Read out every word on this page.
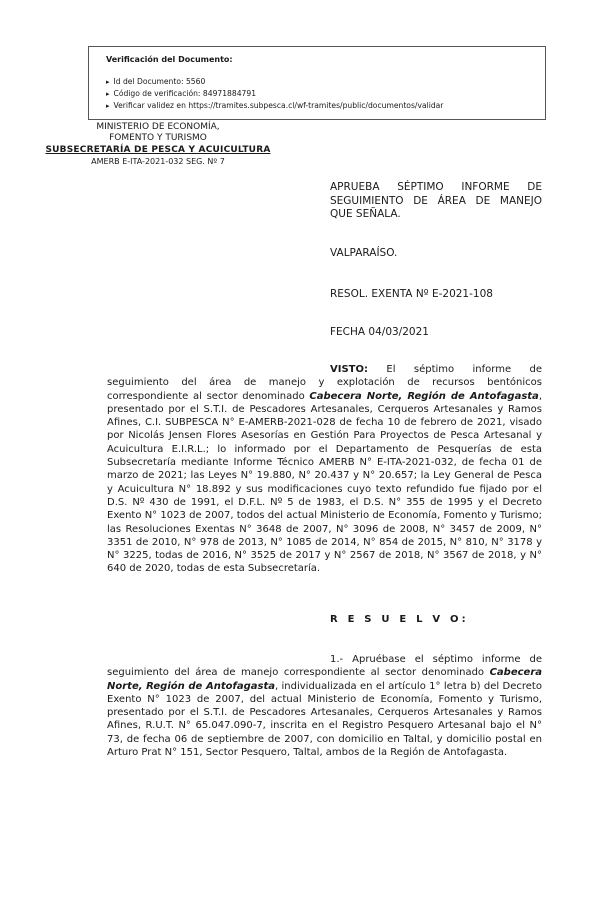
Verificación del Documento:
▸ Id del Documento: 5560
▸ Código de verificación: 84971884791
▸ Verificar validez en https://tramites.subpesca.cl/wf-tramites/public/documentos/validar
MINISTERIO DE ECONOMÍA,
FOMENTO Y TURISMO
SUBSECRETARÍA DE PESCA Y ACUICULTURA
AMERB E-ITA-2021-032 SEG. Nº 7
APRUEBA SÉPTIMO INFORME DE SEGUIMIENTO DE ÁREA DE MANEJO QUE SEÑALA.
VALPARAÍSO.
RESOL. EXENTA Nº E-2021-108
FECHA 04/03/2021

VISTO: El séptimo informe de seguimiento del área de manejo y explotación de recursos bentónicos correspondiente al sector denominado Cabecera Norte, Región de Antofagasta, presentado por el S.T.I. de Pescadores Artesanales, Cerqueros Artesanales y Ramos Afines, C.I. SUBPESCA N° E-AMERB-2021-028 de fecha 10 de febrero de 2021, visado por Nicolás Jensen Flores Asesorías en Gestión Para Proyectos de Pesca Artesanal y Acuicultura E.I.R.L.; lo informado por el Departamento de Pesquerías de esta Subsecretaría mediante Informe Técnico AMERB N° E-ITA-2021-032, de fecha 01 de marzo de 2021; las Leyes N° 19.880, N° 20.437 y N° 20.657; la Ley General de Pesca y Acuicultura N° 18.892 y sus modificaciones cuyo texto refundido fue fijado por el D.S. Nº 430 de 1991, el D.F.L. Nº 5 de 1983, el D.S. N° 355 de 1995 y el Decreto Exento N° 1023 de 2007, todos del actual Ministerio de Economía, Fomento y Turismo; las Resoluciones Exentas N° 3648 de 2007, N° 3096 de 2008, N° 3457 de 2009, N° 3351 de 2010, N° 978 de 2013, N° 1085 de 2014, N° 854 de 2015, N° 810, N° 3178 y N° 3225, todas de 2016, N° 3525 de 2017 y N° 2567 de 2018, N° 3567 de 2018, y N° 640 de 2020, todas de esta Subsecretaría.

R E S U E L V O:

1.- Apruébase el séptimo informe de seguimiento del área de manejo correspondiente al sector denominado Cabecera Norte, Región de Antofagasta, individualizada en el artículo 1° letra b) del Decreto Exento N° 1023 de 2007, del actual Ministerio de Economía, Fomento y Turismo, presentado por el S.T.I. de Pescadores Artesanales, Cerqueros Artesanales y Ramos Afines, R.U.T. N° 65.047.090-7, inscrita en el Registro Pesquero Artesanal bajo el N° 73, de fecha 06 de septiembre de 2007, con domicilio en Taltal, y domicilio postal en Arturo Prat N° 151, Sector Pesquero, Taltal, ambos de la Región de Antofagasta.
